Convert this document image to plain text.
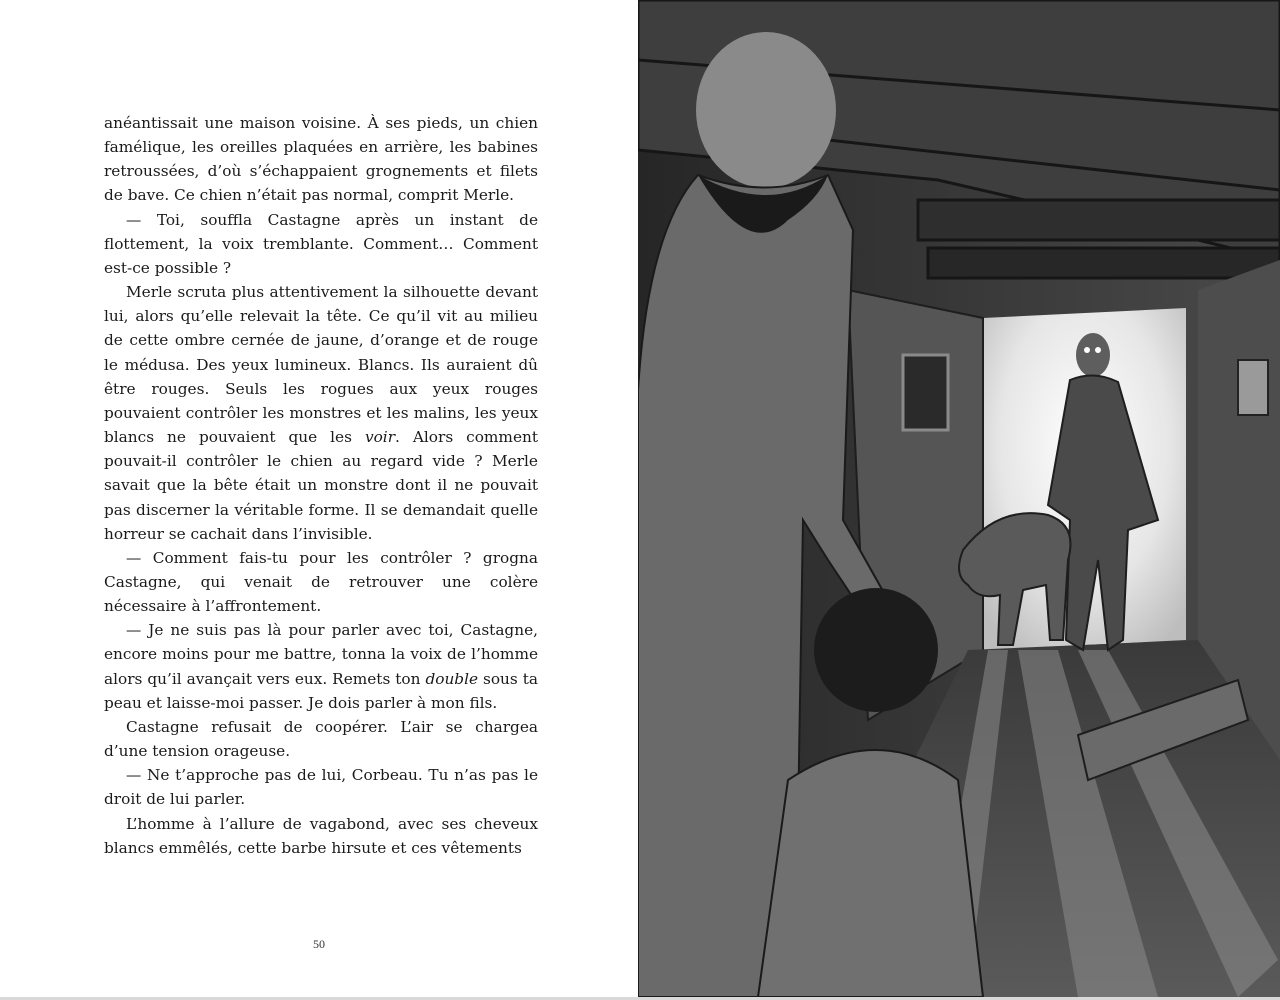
anéantissait une maison voisine. À ses pieds, un chien famélique, les oreilles plaquées en arrière, les babines retroussées, d’où s’échappaient grognements et filets de bave. Ce chien n’était pas normal, comprit Merle.

— Toi, souffla Castagne après un instant de flottement, la voix tremblante. Comment… Comment est-ce possible ?

Merle scruta plus attentivement la silhouette devant lui, alors qu’elle relevait la tête. Ce qu’il vit au milieu de cette ombre cernée de jaune, d’orange et de rouge le médusa. Des yeux lumineux. Blancs. Ils auraient dû être rouges. Seuls les rogues aux yeux rouges pouvaient contrôler les monstres et les malins, les yeux blancs ne pouvaient que les voir. Alors comment pouvait-il contrôler le chien au regard vide ? Merle savait que la bête était un monstre dont il ne pouvait pas discerner la véritable forme. Il se demandait quelle horreur se cachait dans l’invisible.

— Comment fais-tu pour les contrôler ? grogna Castagne, qui venait de retrouver une colère nécessaire à l’affrontement.

— Je ne suis pas là pour parler avec toi, Castagne, encore moins pour me battre, tonna la voix de l’homme alors qu’il avançait vers eux. Remets ton double sous ta peau et laisse-moi passer. Je dois parler à mon fils.

Castagne refusait de coopérer. L’air se chargea d’une tension orageuse.

— Ne t’approche pas de lui, Corbeau. Tu n’as pas le droit de lui parler.

L’homme à l’allure de vagabond, avec ses cheveux blancs emmêlés, cette barbe hirsute et ces vêtements

50
